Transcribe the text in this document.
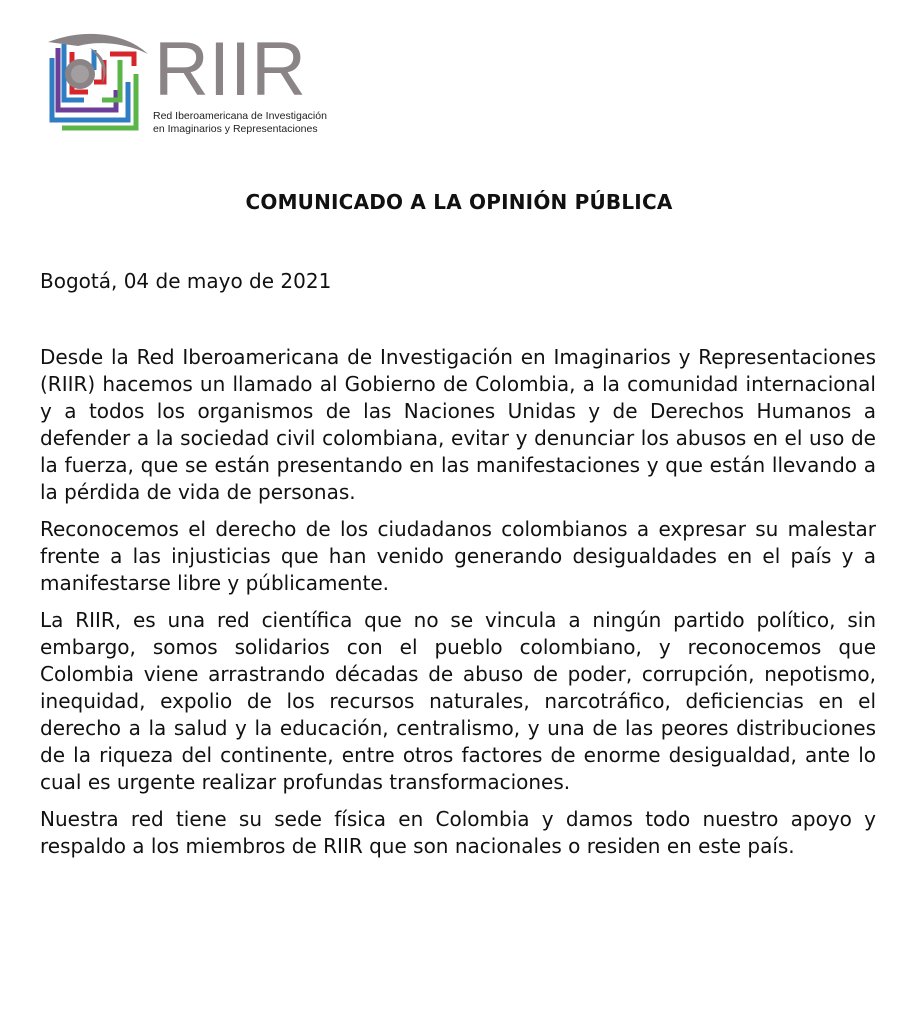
RIIR
Red Iberoamericana de Investigación
en Imaginarios y Representaciones
COMUNICADO A LA OPINIÓN PÚBLICA
Bogotá, 04 de mayo de 2021

Desde la Red Iberoamericana de Investigación en Imaginarios y Representaciones (RIIR) hacemos un llamado al Gobierno de Colombia, a la comunidad internacional y a todos los organismos de las Naciones Unidas y de Derechos Humanos a defender a la sociedad civil colombiana, evitar y denunciar los abusos en el uso de la fuerza, que se están presentando en las manifestaciones y que están llevando a la pérdida de vida de personas.

Reconocemos el derecho de los ciudadanos colombianos a expresar su malestar frente a las injusticias que han venido generando desigualdades en el país y a manifestarse libre y públicamente.

La RIIR, es una red científica que no se vincula a ningún partido político, sin embargo, somos solidarios con el pueblo colombiano, y reconocemos que Colombia viene arrastrando décadas de abuso de poder, corrupción, nepotismo, inequidad, expolio de los recursos naturales, narcotráfico, deficiencias en el derecho a la salud y la educación, centralismo, y una de las peores distribuciones de la riqueza del continente, entre otros factores de enorme desigualdad, ante lo cual es urgente realizar profundas transformaciones.

Nuestra red tiene su sede física en Colombia y damos todo nuestro apoyo y respaldo a los miembros de RIIR que son nacionales o residen en este país.
